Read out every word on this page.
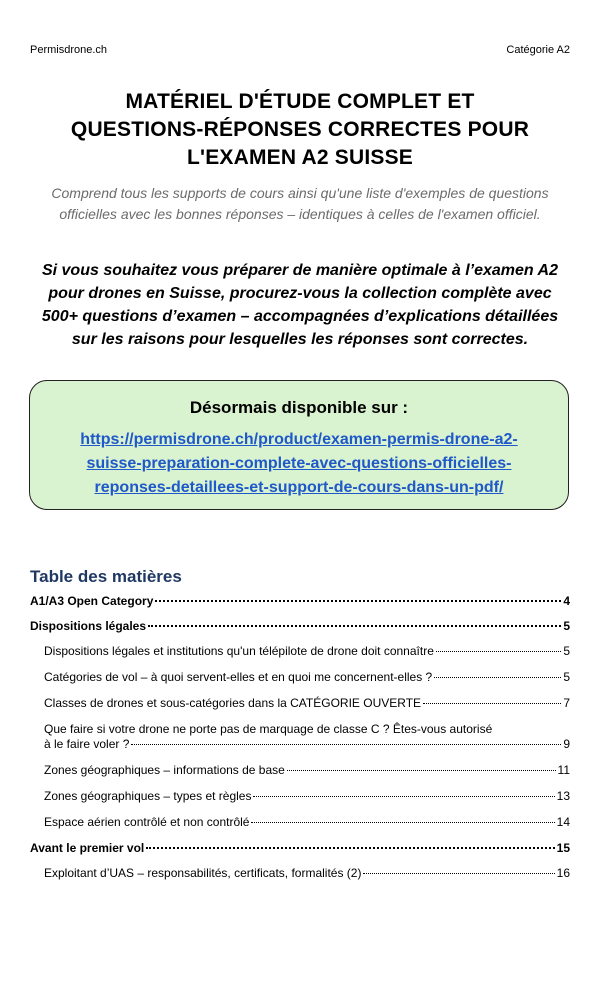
Permisdrone.ch	Catégorie A2
MATÉRIEL D'ÉTUDE COMPLET ET
QUESTIONS-RÉPONSES CORRECTES POUR
L'EXAMEN A2 SUISSE
Comprend tous les supports de cours ainsi qu'une liste d'exemples de questions officielles avec les bonnes réponses – identiques à celles de l'examen officiel.
Si vous souhaitez vous préparer de manière optimale à l’examen A2 pour drones en Suisse, procurez-vous la collection complète avec 500+ questions d’examen – accompagnées d’explications détaillées sur les raisons pour lesquelles les réponses sont correctes.
Désormais disponible sur :
https://permisdrone.ch/product/examen-permis-drone-a2-suisse-preparation-complete-avec-questions-officielles-reponses-detaillees-et-support-de-cours-dans-un-pdf/
Table des matières
A1/A3 Open Category	4
Dispositions légales	5
Dispositions légales et institutions qu'un télépilote de drone doit connaître	5
Catégories de vol – à quoi servent-elles et en quoi me concernent-elles ?	5
Classes de drones et sous-catégories dans la CATÉGORIE OUVERTE	7
Que faire si votre drone ne porte pas de marquage de classe C ? Êtes-vous autorisé
à le faire voler ?	9
Zones géographiques – informations de base	11
Zones géographiques – types et règles	13
Espace aérien contrôlé et non contrôlé	14
Avant le premier vol	15
Exploitant d’UAS – responsabilités, certificats, formalités (2)	16
